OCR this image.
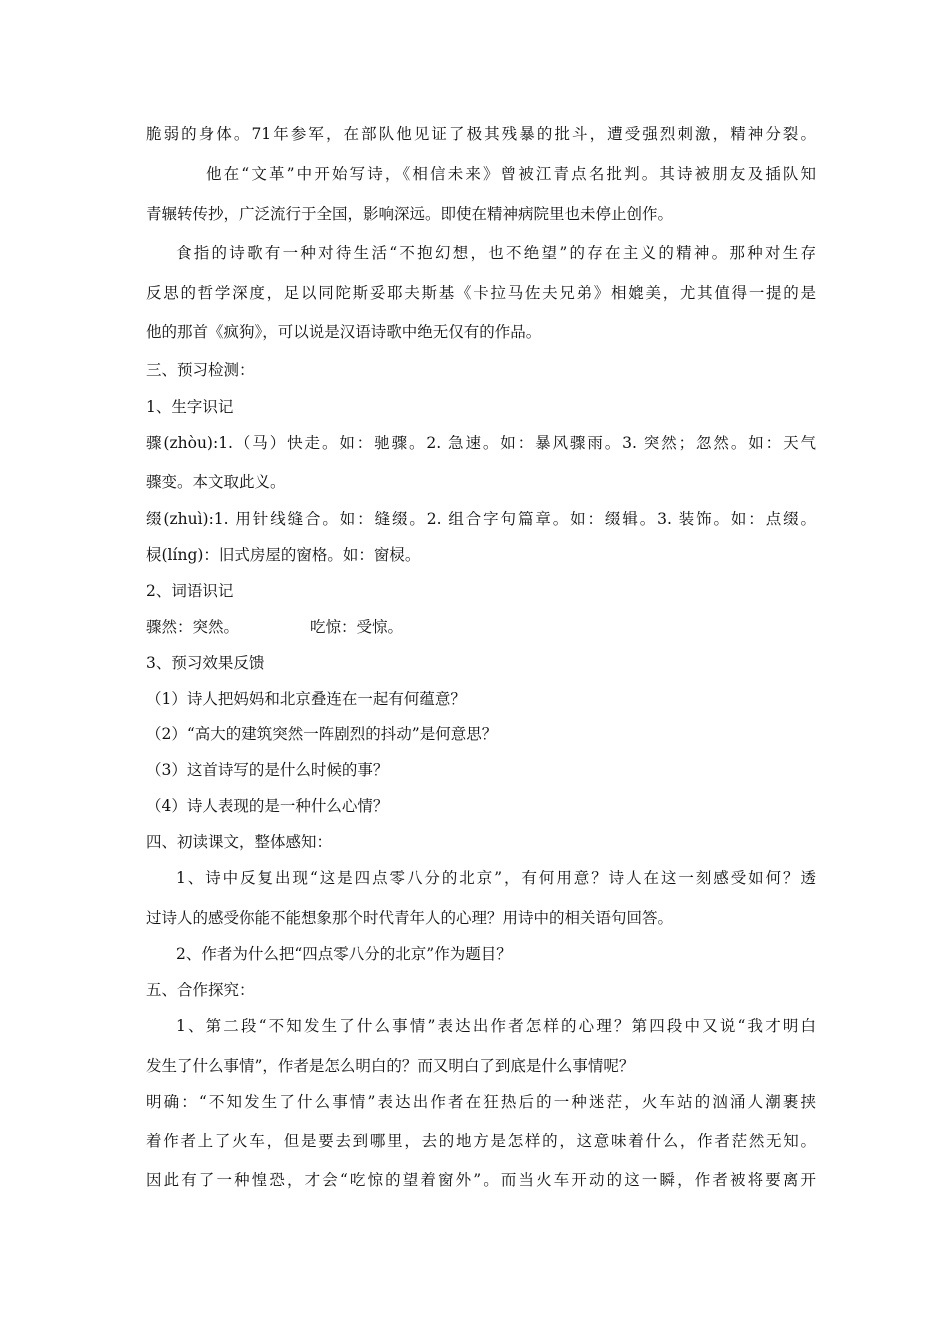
脆弱的身体。71年参军，在部队他见证了极其残暴的批斗，遭受强烈刺激，精神分裂。
他在“文革”中开始写诗，《相信未来》曾被江青点名批判。其诗被朋友及插队知
青辗转传抄，广泛流行于全国，影响深远。即使在精神病院里也未停止创作。
食指的诗歌有一种对待生活“不抱幻想，也不绝望”的存在主义的精神。那种对生存
反思的哲学深度，足以同陀斯妥耶夫斯基《卡拉马佐夫兄弟》相媲美，尤其值得一提的是
他的那首《疯狗》，可以说是汉语诗歌中绝无仅有的作品。
三、预习检测：
1、生字识记
骤(zhòu):1.（马）快走。如：驰骤。2. 急速。如：暴风骤雨。3. 突然；忽然。如：天气
骤变。本文取此义。
缀(zhuì):1. 用针线缝合。如：缝缀。2. 组合字句篇章。如：缀辑。3. 装饰。如：点缀。
棂(líng)：旧式房屋的窗格。如：窗棂。
2、词语识记
骤然：突然。	吃惊：受惊。
3、预习效果反馈
（1）诗人把妈妈和北京叠连在一起有何蕴意？
（2）“高大的建筑突然一阵剧烈的抖动”是何意思？
（3）这首诗写的是什么时候的事？
（4）诗人表现的是一种什么心情？
四、初读课文，整体感知：
1、诗中反复出现“这是四点零八分的北京”，有何用意？诗人在这一刻感受如何？透
过诗人的感受你能不能想象那个时代青年人的心理？用诗中的相关语句回答。
2、作者为什么把“四点零八分的北京”作为题目？
五、合作探究：
1、第二段“不知发生了什么事情”表达出作者怎样的心理？第四段中又说“我才明白
发生了什么事情”，作者是怎么明白的？而又明白了到底是什么事情呢？
明确：“不知发生了什么事情”表达出作者在狂热后的一种迷茫，火车站的汹涌人潮裹挟
着作者上了火车，但是要去到哪里，去的地方是怎样的，这意味着什么，作者茫然无知。
因此有了一种惶恐，才会“吃惊的望着窗外”。而当火车开动的这一瞬，作者被将要离开
